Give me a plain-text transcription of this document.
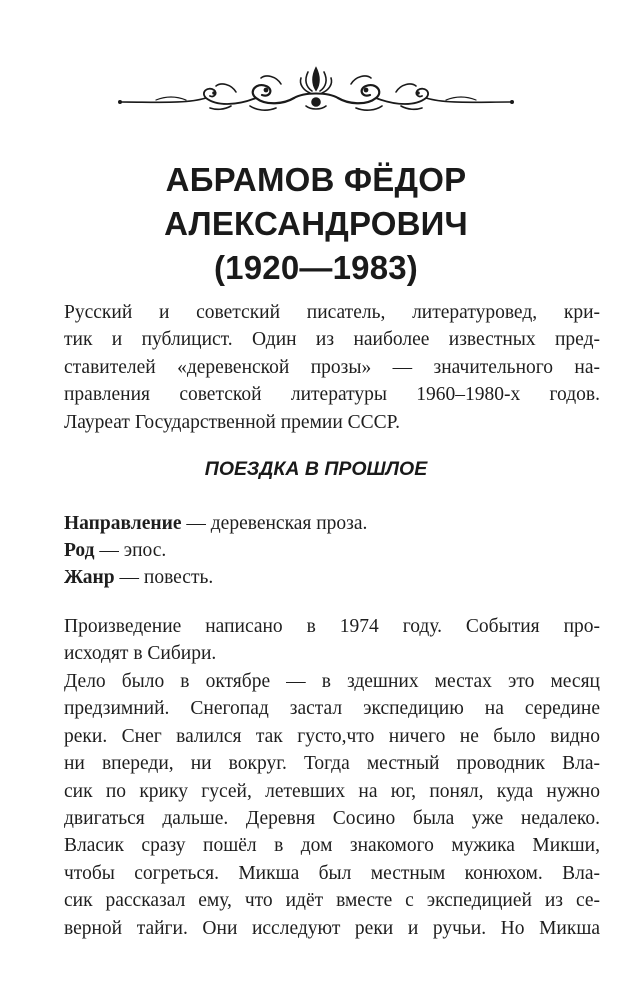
АБРАМОВ ФЁДОР
АЛЕКСАНДРОВИЧ
(1920—1983)
Русский и советский писатель, литературовед, кри-
тик и публицист. Один из наиболее известных пред-
ставителей «деревенской прозы» — значительного на-
правления советской литературы 1960–1980-х годов.
Лауреат Государственной премии СССР.
ПОЕЗДКА В ПРОШЛОЕ
Направление — деревенская проза.
Род — эпос.
Жанр — повесть.
Произведение написано в 1974 году. События про-
исходят в Сибири.
Дело было в октябре — в здешних местах это месяц
предзимний. Снегопад застал экспедицию на середине
реки. Снег валился так густо,что ничего не было видно
ни впереди, ни вокруг. Тогда местный проводник Вла-
сик по крику гусей, летевших на юг, понял, куда нужно
двигаться дальше. Деревня Сосино была уже недалеко.
Власик сразу пошёл в дом знакомого мужика Микши,
чтобы согреться. Микша был местным конюхом. Вла-
сик рассказал ему, что идёт вместе с экспедицией из се-
верной тайги. Они исследуют реки и ручьи. Но Микша
